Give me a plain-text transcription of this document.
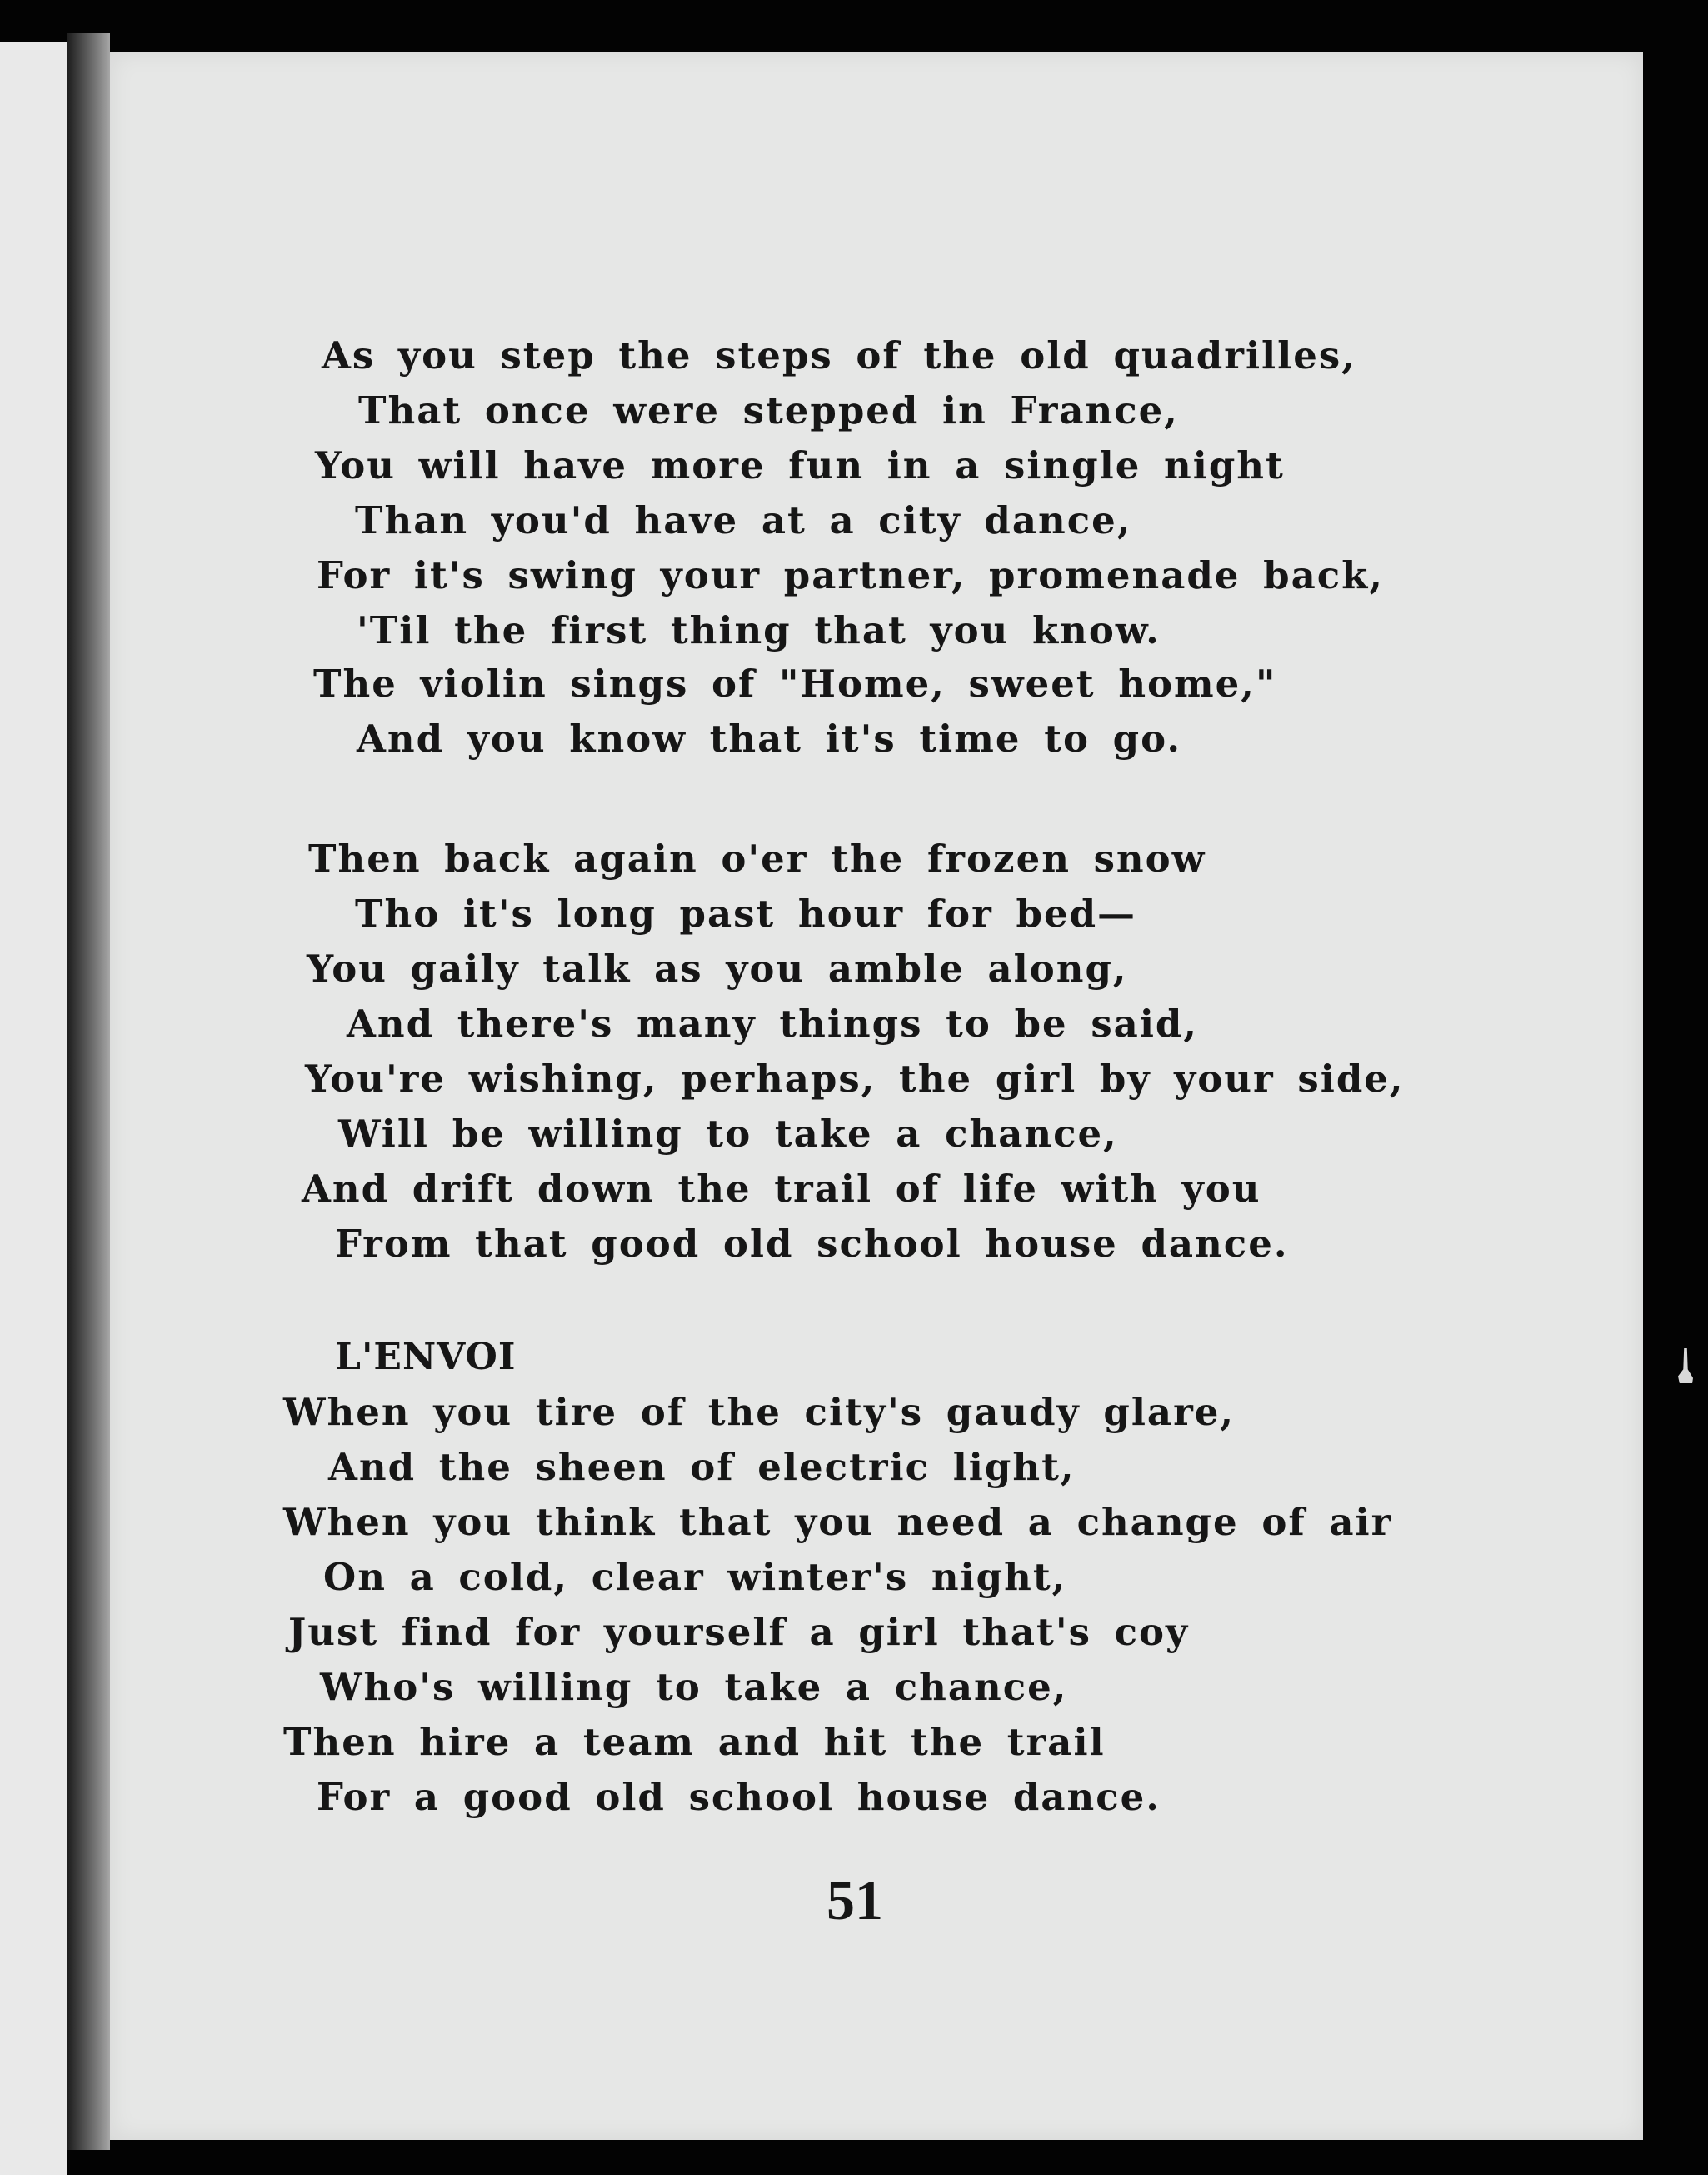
As you step the steps of the old quadrilles,
That once were stepped in France,
You will have more fun in a single night
Than you'd have at a city dance,
For it's swing your partner, promenade back,
'Til the first thing that you know.
The violin sings of "Home, sweet home,"
And you know that it's time to go.
Then back again o'er the frozen snow
Tho it's long past hour for bed—
You gaily talk as you amble along,
And there's many things to be said,
You're wishing, perhaps, the girl by your side,
Will be willing to take a chance,
And drift down the trail of life with you
From that good old school house dance.
L'ENVOI
When you tire of the city's gaudy glare,
And the sheen of electric light,
When you think that you need a change of air
On a cold, clear winter's night,
Just find for yourself a girl that's coy
Who's willing to take a chance,
Then hire a team and hit the trail
For a good old school house dance.
51
